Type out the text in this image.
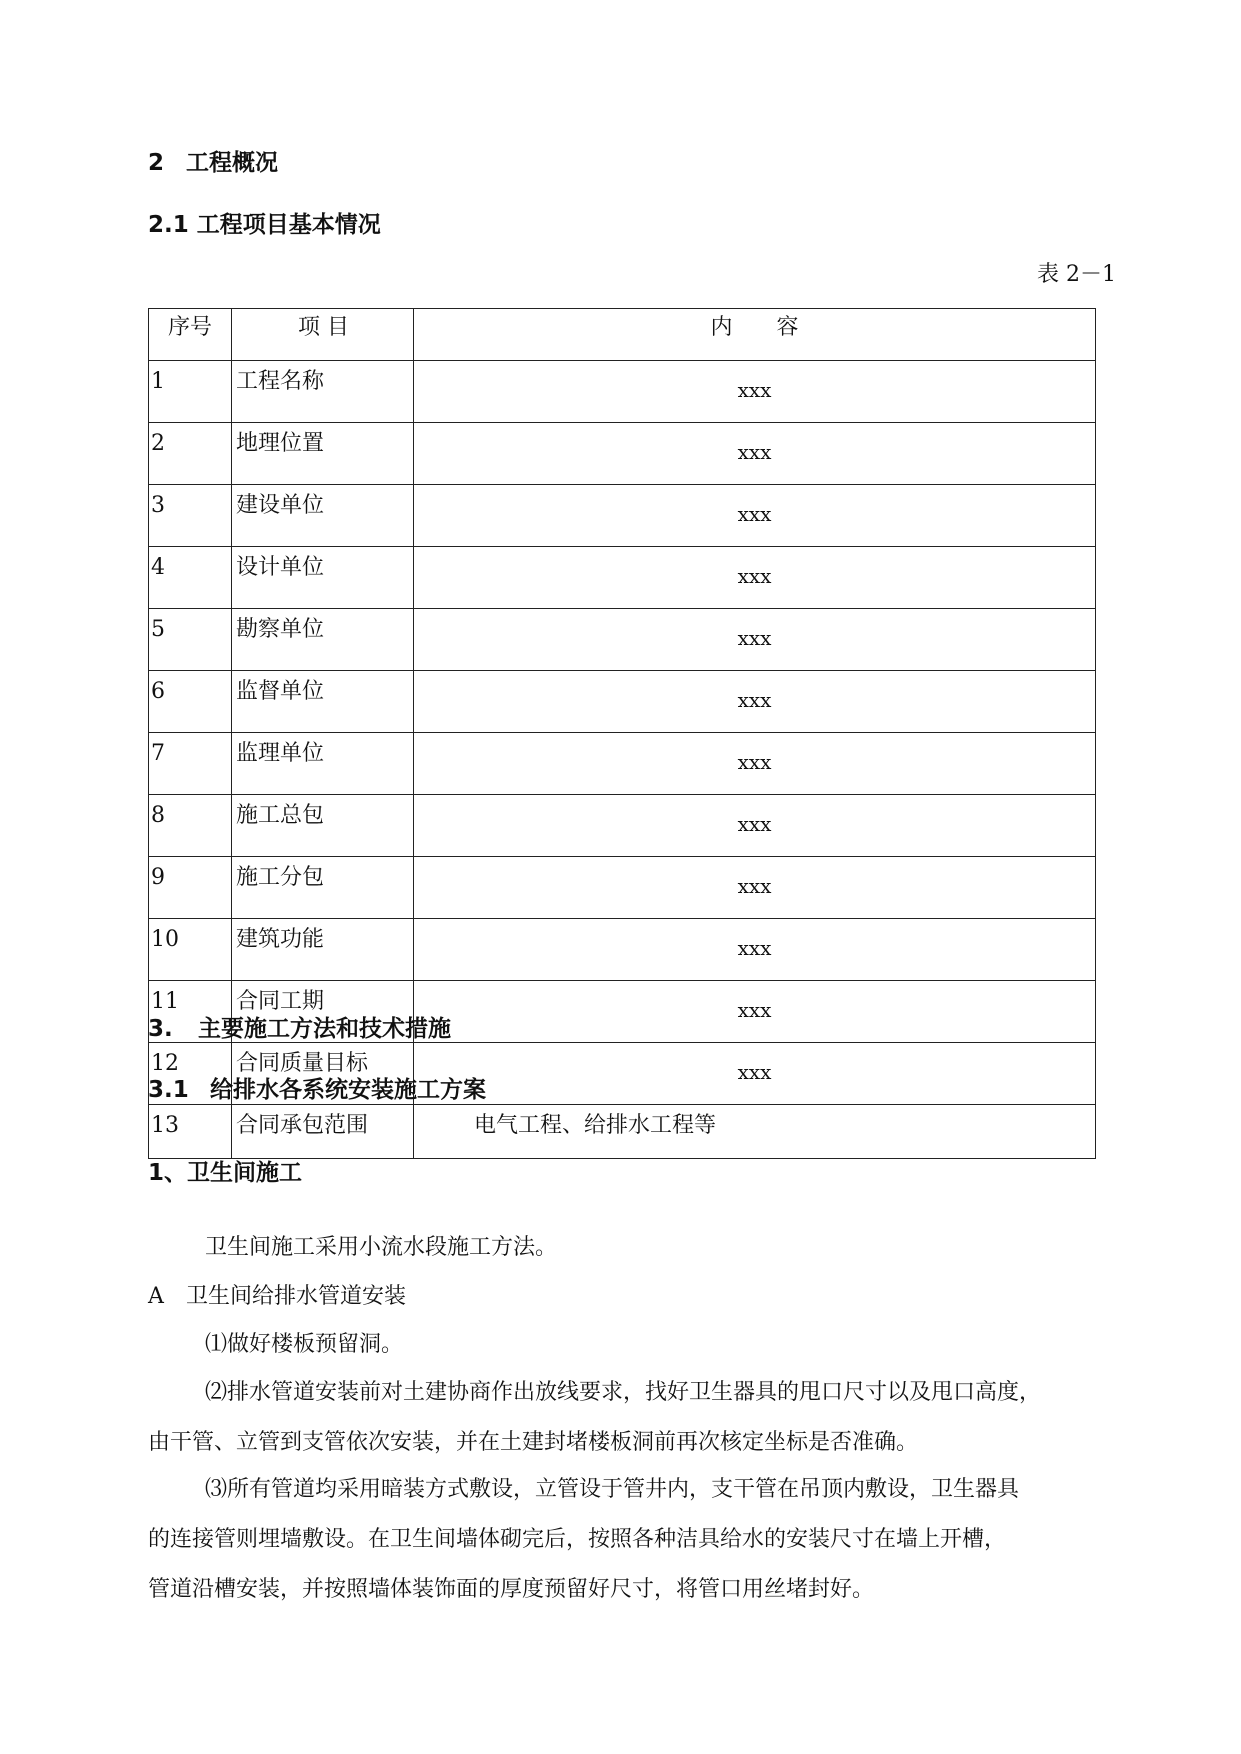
2 工程概况
2.1 工程项目基本情况
表 2－1
序号	项 目	内　　容
1	工程名称	xxx
2	地理位置	xxx
3	建设单位	xxx
4	设计单位	xxx
5	勘察单位	xxx
6	监督单位	xxx
7	监理单位	xxx
8	施工总包	xxx
9	施工分包	xxx
10	建筑功能	xxx
11	合同工期	xxx
12	合同质量目标	xxx
13	合同承包范围	电气工程、给排水工程等
3. 主要施工方法和技术措施
3.1 给排水各系统安装施工方案
1、卫生间施工
卫生间施工采用小流水段施工方法。
A 卫生间给排水管道安装
⑴做好楼板预留洞。
⑵排水管道安装前对土建协商作出放线要求，找好卫生器具的甩口尺寸以及甩口高度，
由干管、立管到支管依次安装，并在土建封堵楼板洞前再次核定坐标是否准确。
⑶所有管道均采用暗装方式敷设，立管设于管井内，支干管在吊顶内敷设，卫生器具
的连接管则埋墙敷设。在卫生间墙体砌完后，按照各种洁具给水的安装尺寸在墙上开槽，
管道沿槽安装，并按照墙体装饰面的厚度预留好尺寸，将管口用丝堵封好。
